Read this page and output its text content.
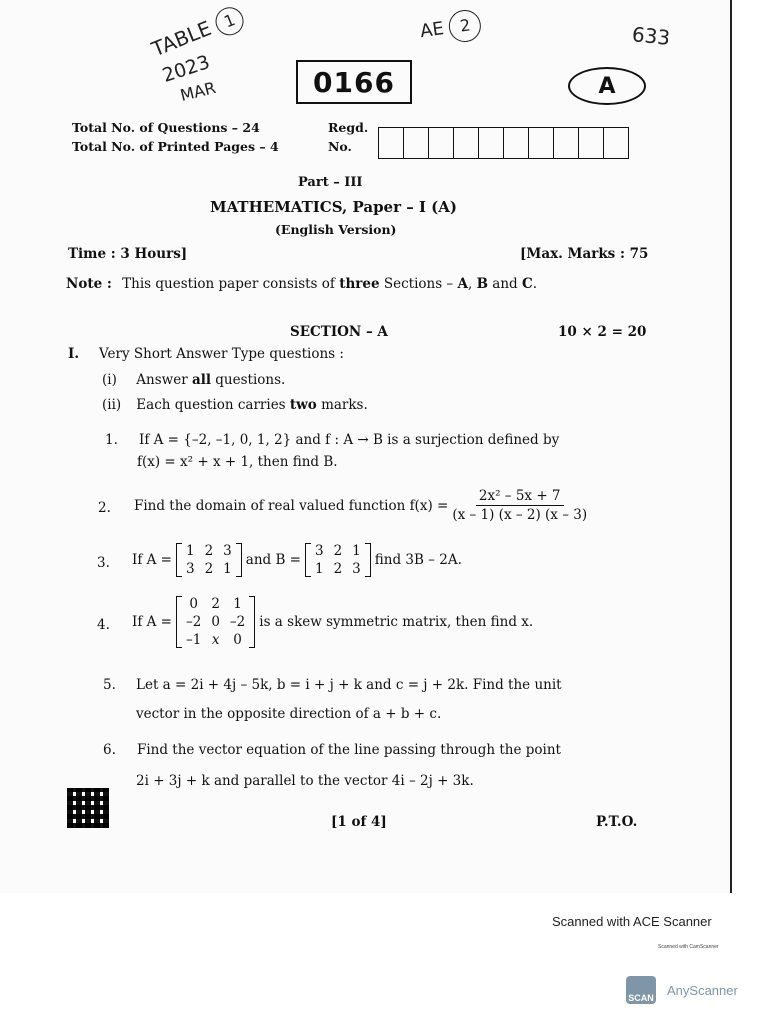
TABLE 1
2023
MAR
AE 2	633
0166	A
Total No. of Questions – 24
Total No. of Printed Pages – 4
Regd.
No.
Part – III
MATHEMATICS, Paper – I (A)
(English Version)
Time : 3 Hours]	[Max. Marks : 75
Note : This question paper consists of three Sections – A, B and C.
SECTION – A	10 × 2 = 20
I. Very Short Answer Type questions :
(i) Answer all questions.
(ii) Each question carries two marks.
1. If A = {–2, –1, 0, 1, 2} and f : A → B is a surjection defined by
f(x) = x² + x + 1, then find B.
2. Find the domain of real valued function $f(x) = \frac{\text{2x² – 5x + 7}}{(x - 1) (x - 2) (x - 3)}$
3. If A =
1 2 3
3 2 1
and B =
3 2 1
1 2 3
find 3B – 2A.
4. If A =
0 2 1
–2 0 –2
–1 x 0
is a skew symmetric matrix, then find x.
5. Let a = 2i + 4j – 5k, b = i + j + k and c = j + 2k. Find the unit
vector in the opposite direction of a + b + c.
6. Find the vector equation of the line passing through the point
2i + 3j + k and parallel to the vector 4i – 2j + 3k.
[1 of 4]	P.T.O.
Scanned with ACE Scanner
Scanned with CamScanner
SCAN AnyScanner
